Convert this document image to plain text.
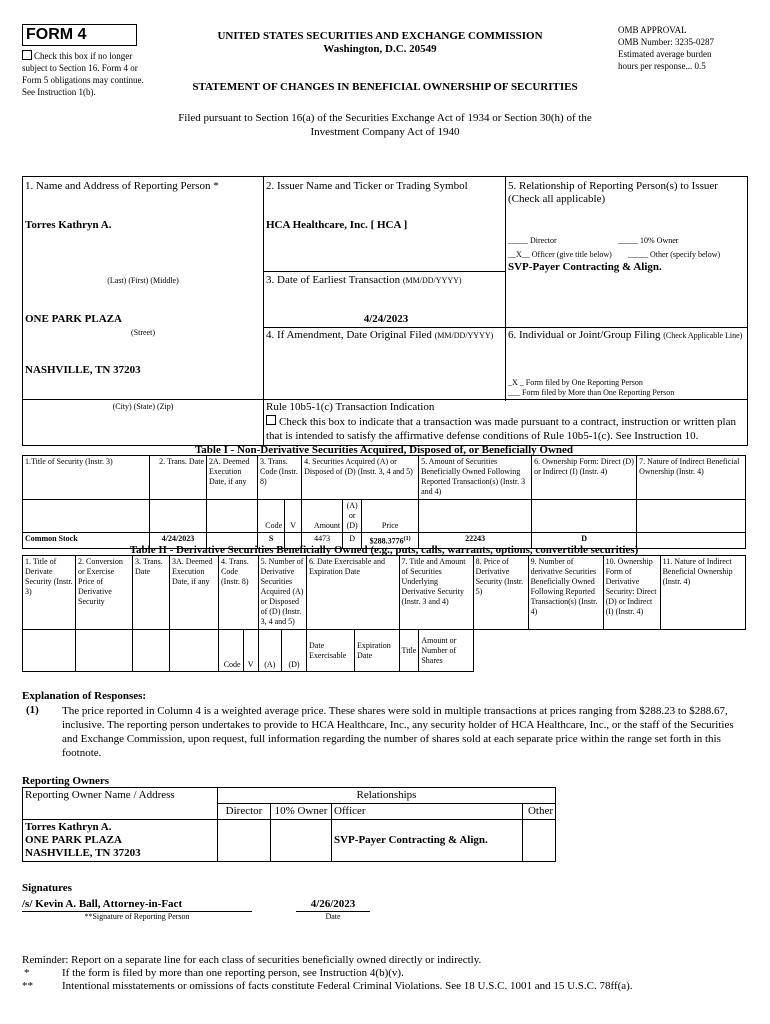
FORM 4
Check this box if no longer subject to Section 16. Form 4 or Form 5 obligations may continue. See Instruction 1(b).
UNITED STATES SECURITIES AND EXCHANGE COMMISSION
Washington, D.C. 20549
STATEMENT OF CHANGES IN BENEFICIAL OWNERSHIP OF SECURITIES
OMB APPROVAL
OMB Number: 3235-0287
Estimated average burden
hours per response... 0.5
Filed pursuant to Section 16(a) of the Securities Exchange Act of 1934 or Section 30(h) of the
Investment Company Act of 1940
1. Name and Address of Reporting Person *
Torres Kathryn A.
(Last) (First) (Middle)
ONE PARK PLAZA
(Street)
NASHVILLE, TN 37203
(City) (State) (Zip)
2. Issuer Name and Ticker or Trading Symbol
HCA Healthcare, Inc. [ HCA ]
3. Date of Earliest Transaction (MM/DD/YYYY)
4/24/2023
4. If Amendment, Date Original Filed (MM/DD/YYYY)
5. Relationship of Reporting Person(s) to Issuer
(Check all applicable)
_____ Director	_____ 10% Owner
__X__ Officer (give title below) _____ Other (specify below)
SVP-Payer Contracting & Align.
6. Individual or Joint/Group Filing (Check Applicable Line)
_X _ Form filed by One Reporting Person
___ Form filed by More than One Reporting Person
Rule 10b5-1(c) Transaction Indication
Check this box to indicate that a transaction was made pursuant to a contract, instruction or written plan that is intended to satisfy the affirmative defense conditions of Rule 10b5-1(c). See Instruction 10.
Table I - Non-Derivative Securities Acquired, Disposed of, or Beneficially Owned
1.Title of Security (Instr. 3)	2. Trans. Date	2A. Deemed Execution Date, if any	3. Trans. Code (Instr. 8)		4. Securities Acquired (A) or Disposed of (D) (Instr. 3, 4 and 5)			5. Amount of Securities Beneficially Owned Following Reported Transaction(s) (Instr. 3 and 4)	6. Ownership Form: Direct (D) or Indirect (I) (Instr. 4)	7. Nature of Indirect Beneficial Ownership (Instr. 4)
			Code	V	Amount	(A) or (D)	Price			
Common Stock	4/24/2023		S		4473	D	$288.3776$^{(1)}$	22243	D	
Table II - Derivative Securities Beneficially Owned (e.g., puts, calls, warrants, options, convertible securities)
1. Title of Derivate Security (Instr. 3)	2. Conversion or Exercise Price of Derivative Security	3. Trans. Date	3A. Deemed Execution Date, if any	4. Trans. Code (Instr. 8)		5. Number of Derivative Securities Acquired (A) or Disposed of (D) (Instr. 3, 4 and 5)		6. Date Exercisable and Expiration Date		7. Title and Amount of Securities Underlying Derivative Security (Instr. 3 and 4)		8. Price of Derivative Security (Instr. 5)	9. Number of derivative Securities Beneficially Owned Following Reported Transaction(s) (Instr. 4)	10. Ownership Form of Derivative Security: Direct (D) or Indirect (I) (Instr. 4)	11. Nature of Indirect Beneficial Ownership (Instr. 4)
				Code	V	(A)	(D)	Date Exercisable	Expiration Date	Title	Amount or Number of Shares				
Explanation of Responses:
(1) The price reported in Column 4 is a weighted average price. These shares were sold in multiple transactions at prices ranging from $288.23 to $288.67, inclusive. The reporting person undertakes to provide to HCA Healthcare, Inc., any security holder of HCA Healthcare, Inc., or the staff of the Securities and Exchange Commission, upon request, full information regarding the number of shares sold at each separate price within the range set forth in this footnote.
Reporting Owners
Reporting Owner Name / Address	Relationships			
	Director	10% Owner	Officer	Other

Torres Kathryn A.
ONE PARK PLAZA
NASHVILLE, TN 37203			SVP-Payer Contracting & Align.	
Signatures
/s/ Kevin A. Ball, Attorney-in-Fact	4/26/2023
**Signature of Reporting Person	Date
Reminder: Report on a separate line for each class of securities beneficially owned directly or indirectly.
*	If the form is filed by more than one reporting person, see Instruction 4(b)(v).
**	Intentional misstatements or omissions of facts constitute Federal Criminal Violations. See 18 U.S.C. 1001 and 15 U.S.C. 78ff(a).
